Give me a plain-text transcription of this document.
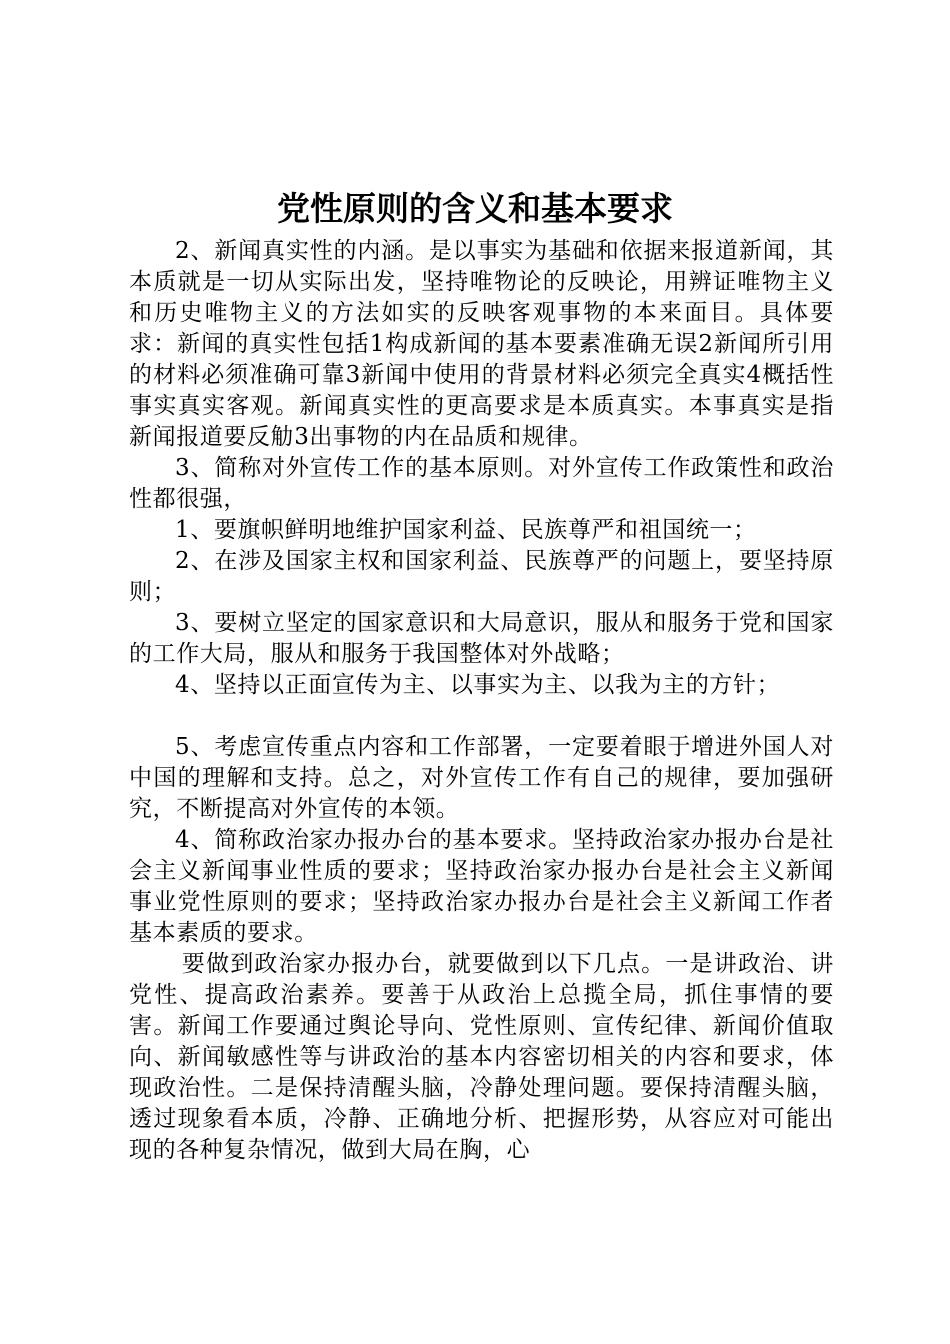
党性原则的含义和基本要求

2、新闻真实性的内涵。是以事实为基础和依据来报道新闻，其本质就是一切从实际出发，坚持唯物论的反映论，用辨证唯物主义和历史唯物主义的方法如实的反映客观事物的本来面目。具体要求：新闻的真实性包括1构成新闻的基本要素准确无误2新闻所引用的材料必须准确可靠3新闻中使用的背景材料必须完全真实4概括性事实真实客观。新闻真实性的更高要求是本质真实。本事真实是指新闻报道要反觔3出事物的内在品质和规律。

3、简称对外宣传工作的基本原则。对外宣传工作政策性和政治性都很强，

1、要旗帜鲜明地维护国家利益、民族尊严和祖国统一；

2、在涉及国家主权和国家利益、民族尊严的问题上，要坚持原则；

3、要树立坚定的国家意识和大局意识，服从和服务于党和国家的工作大局，服从和服务于我国整体对外战略；

4、坚持以正面宣传为主、以事实为主、以我为主的方针；

5、考虑宣传重点内容和工作部署，一定要着眼于增进外国人对中国的理解和支持。总之，对外宣传工作有自己的规律，要加强研究，不断提高对外宣传的本领。

4、简称政治家办报办台的基本要求。坚持政治家办报办台是社会主义新闻事业性质的要求；坚持政治家办报办台是社会主义新闻事业党性原则的要求；坚持政治家办报办台是社会主义新闻工作者基本素质的要求。

要做到政治家办报办台，就要做到以下几点。一是讲政治、讲党性、提高政治素养。要善于从政治上总揽全局，抓住事情的要害。新闻工作要通过舆论导向、党性原则、宣传纪律、新闻价值取向、新闻敏感性等与讲政治的基本内容密切相关的内容和要求，体现政治性。二是保持清醒头脑，冷静处理问题。要保持清醒头脑，透过现象看本质，冷静、正确地分析、把握形势，从容应对可能出现的各种复杂情况，做到大局在胸，心
